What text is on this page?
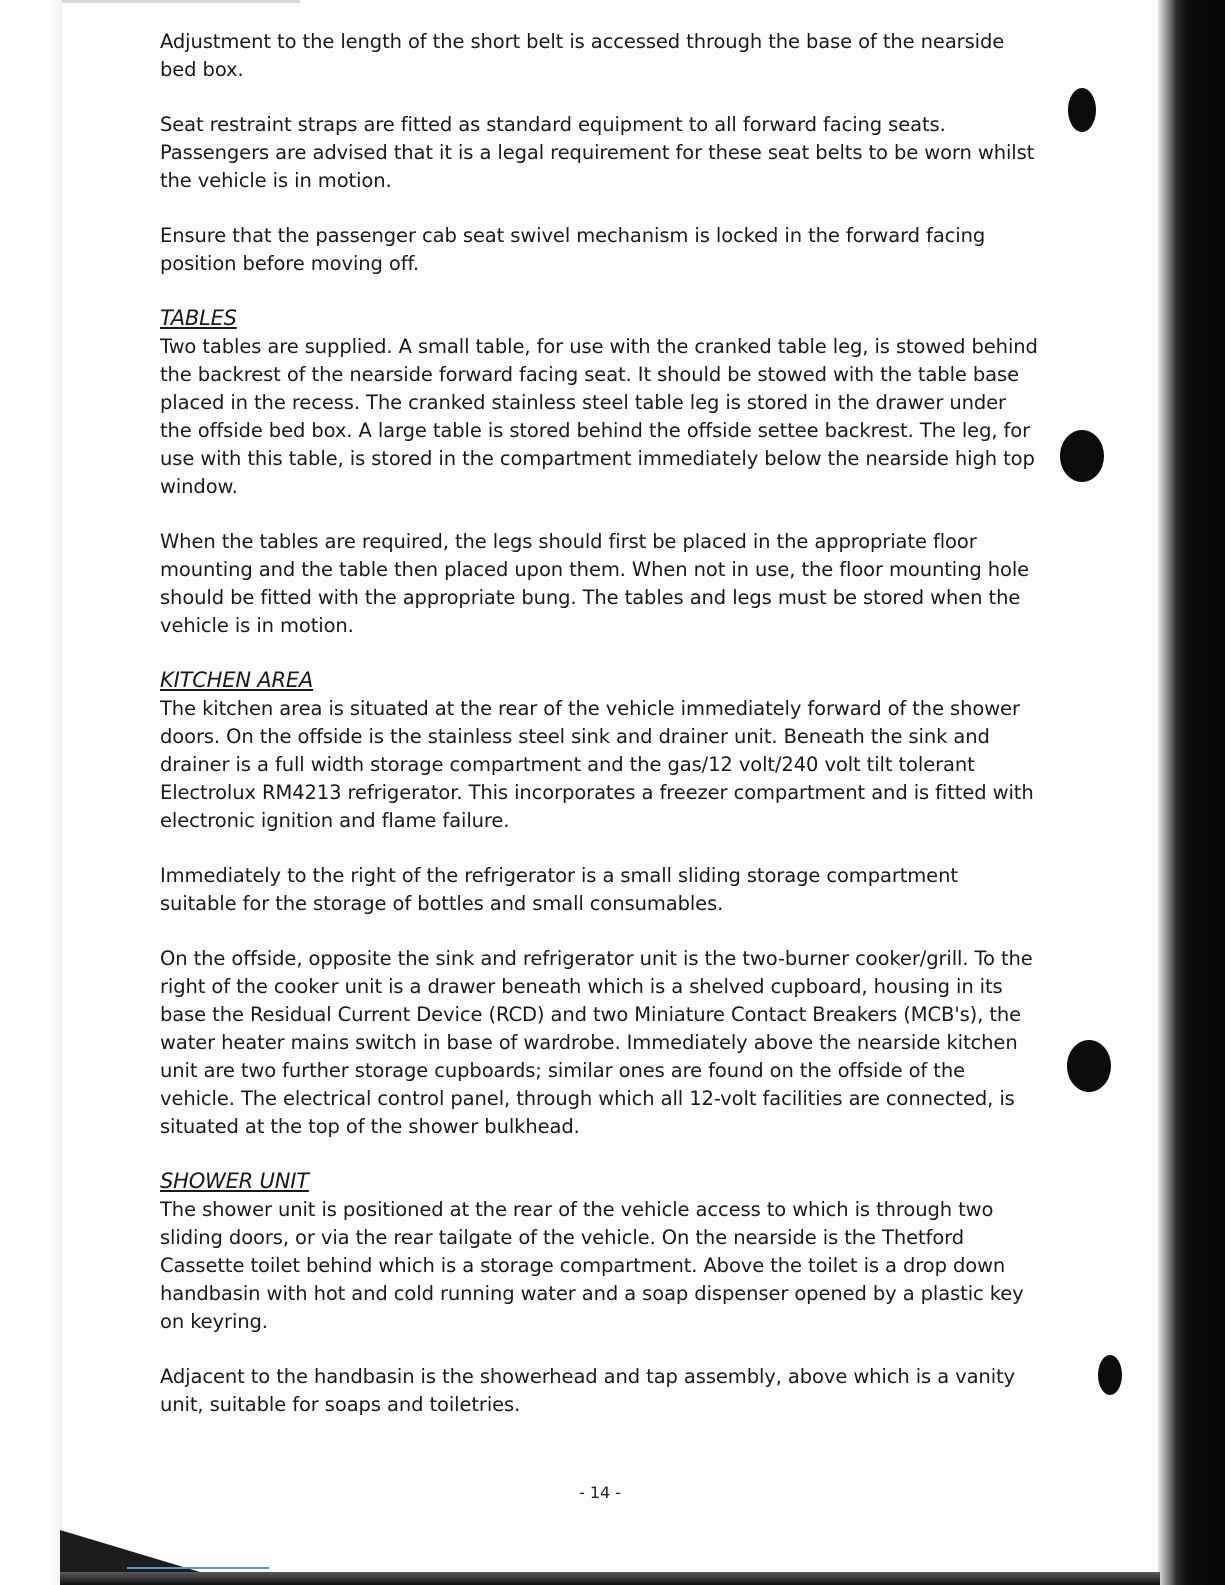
Adjustment to the length of the short belt is accessed through the base of the nearside bed box.

Seat restraint straps are fitted as standard equipment to all forward facing seats. Passengers are advised that it is a legal requirement for these seat belts to be worn whilst the vehicle is in motion.

Ensure that the passenger cab seat swivel mechanism is locked in the forward facing position before moving off.

TABLES

Two tables are supplied. A small table, for use with the cranked table leg, is stowed behind the backrest of the nearside forward facing seat. It should be stowed with the table base placed in the recess. The cranked stainless steel table leg is stored in the drawer under the offside bed box. A large table is stored behind the offside settee backrest. The leg, for use with this table, is stored in the compartment immediately below the nearside high top window.

When the tables are required, the legs should first be placed in the appropriate floor mounting and the table then placed upon them. When not in use, the floor mounting hole should be fitted with the appropriate bung. The tables and legs must be stored when the vehicle is in motion.

KITCHEN AREA

The kitchen area is situated at the rear of the vehicle immediately forward of the shower doors. On the offside is the stainless steel sink and drainer unit. Beneath the sink and drainer is a full width storage compartment and the gas/12 volt/240 volt tilt tolerant Electrolux RM4213 refrigerator. This incorporates a freezer compartment and is fitted with electronic ignition and flame failure.

Immediately to the right of the refrigerator is a small sliding storage compartment suitable for the storage of bottles and small consumables.

On the offside, opposite the sink and refrigerator unit is the two-burner cooker/grill. To the right of the cooker unit is a drawer beneath which is a shelved cupboard, housing in its base the Residual Current Device (RCD) and two Miniature Contact Breakers (MCB's), the water heater mains switch in base of wardrobe. Immediately above the nearside kitchen unit are two further storage cupboards; similar ones are found on the offside of the vehicle. The electrical control panel, through which all 12-volt facilities are connected, is situated at the top of the shower bulkhead.

SHOWER UNIT

The shower unit is positioned at the rear of the vehicle access to which is through two sliding doors, or via the rear tailgate of the vehicle. On the nearside is the Thetford Cassette toilet behind which is a storage compartment. Above the toilet is a drop down handbasin with hot and cold running water and a soap dispenser opened by a plastic key on keyring.

Adjacent to the handbasin is the showerhead and tap assembly, above which is a vanity unit, suitable for soaps and toiletries.

- 14 -
